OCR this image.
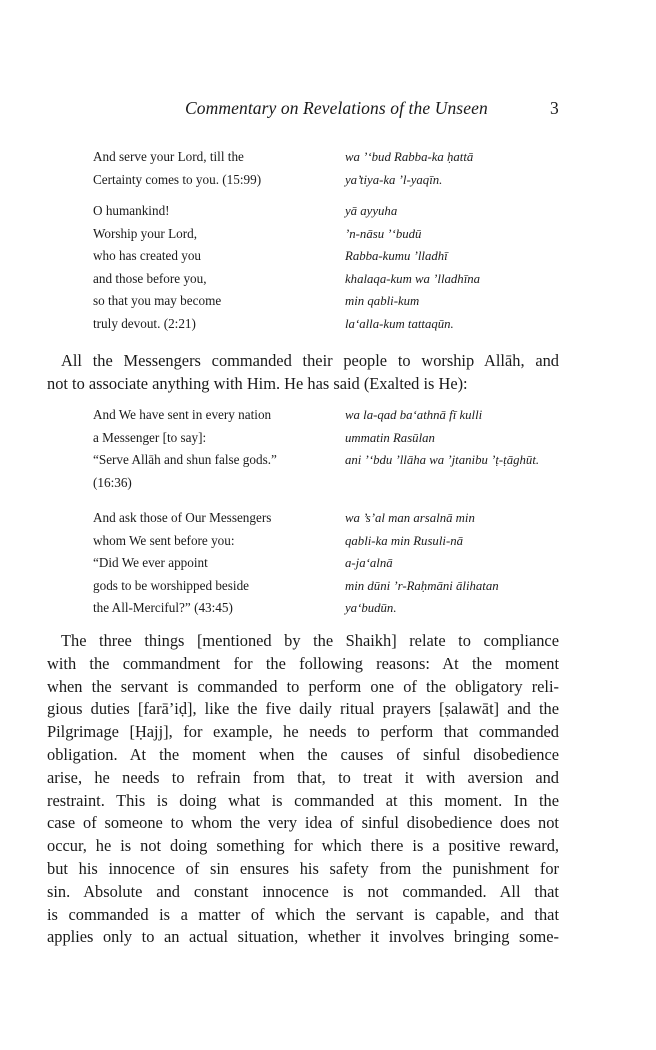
Commentary on Revelations of the Unseen	3
And serve your Lord, till the	wa ’‘bud Rabba-ka ḥattā
Certainty comes to you. (15:99)	ya’tiya-ka ’l-yaqīn.
O humankind!	yā ayyuha
Worship your Lord,	’n-nāsu ’‘budū
who has created you	Rabba-kumu ’lladhī
and those before you,	khalaqa-kum wa ’lladhīna
so that you may become	min qabli-kum
truly devout. (2:21)	la‘alla-kum tattaqūn.
All the Messengers commanded their people to worship Allāh, and
not to associate anything with Him. He has said (Exalted is He):
And We have sent in every nation	wa la-qad ba‘athnā fī kulli
a Messenger [to say]:	ummatin Rasūlan
“Serve Allāh and shun false gods.”	ani ’‘bdu ’llāha wa ’jtanibu ’ṭ-ṭāghūt.
(16:36)
And ask those of Our Messengers	wa ’s’al man arsalnā min
whom We sent before you:	qabli-ka min Rusuli-nā
“Did We ever appoint	a-ja‘alnā
gods to be worshipped beside	min dūni ’r-Raḥmāni ālihatan
the All-Merciful?” (43:45)	ya‘budūn.
The three things [mentioned by the Shaikh] relate to compliance
with the commandment for the following reasons: At the moment
when the servant is commanded to perform one of the obligatory reli-
gious duties [farā’iḍ], like the five daily ritual prayers [ṣalawāt] and the
Pilgrimage [Ḥajj], for example, he needs to perform that commanded
obligation. At the moment when the causes of sinful disobedience
arise, he needs to refrain from that, to treat it with aversion and
restraint. This is doing what is commanded at this moment. In the
case of someone to whom the very idea of sinful disobedience does not
occur, he is not doing something for which there is a positive reward,
but his innocence of sin ensures his safety from the punishment for
sin. Absolute and constant innocence is not commanded. All that
is commanded is a matter of which the servant is capable, and that
applies only to an actual situation, whether it involves bringing some-
